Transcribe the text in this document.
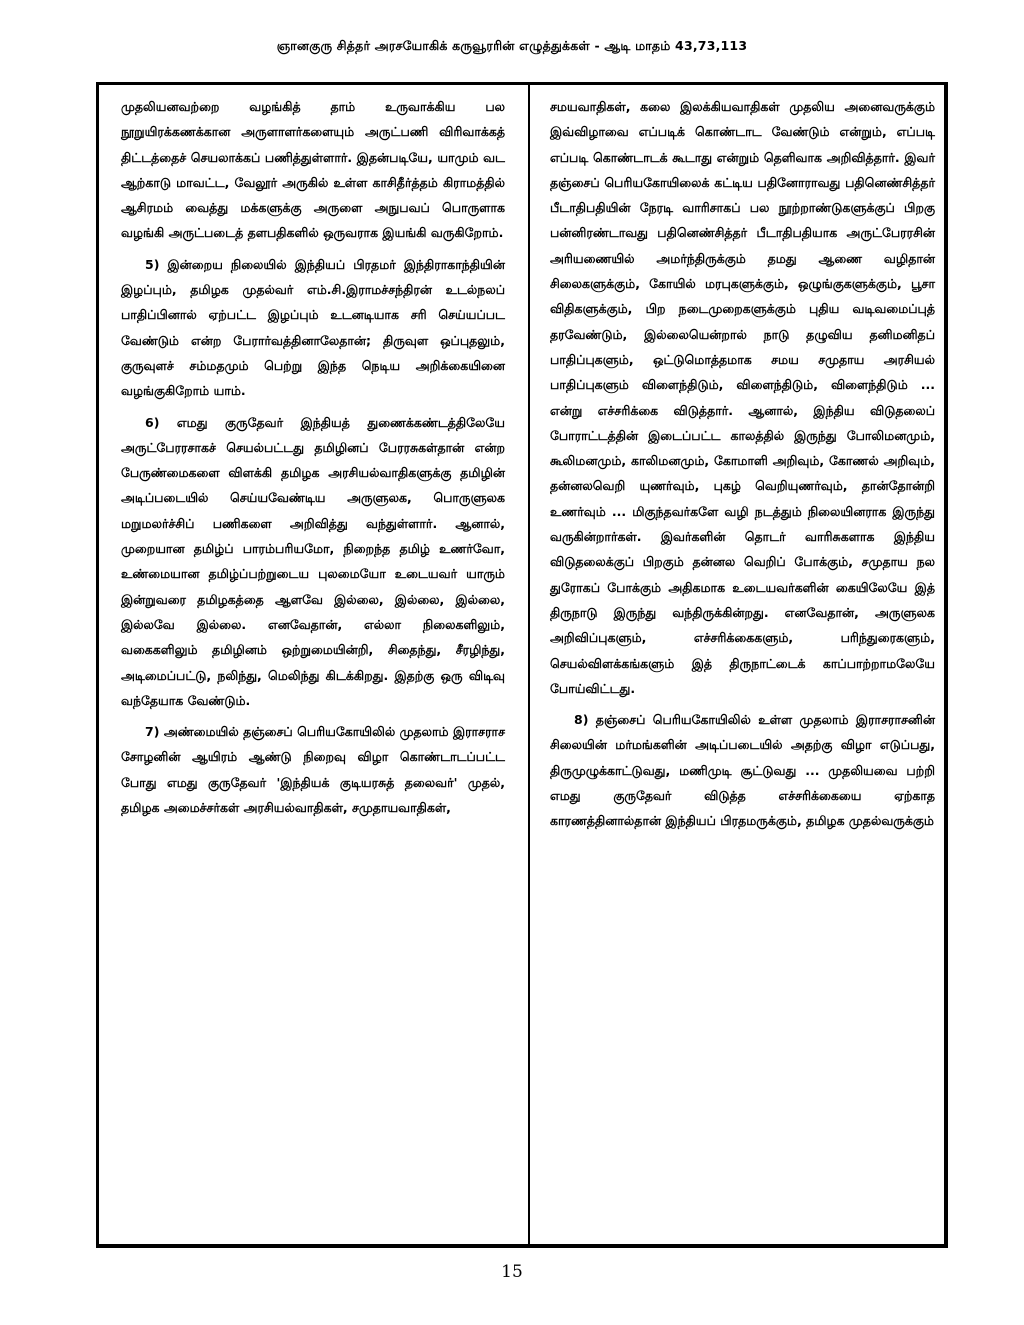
ஞானகுரு சித்தர் அரசயோகிக் கருவூரரின் எழுத்துக்கள் - ஆடி மாதம் 43,73,113

முதலியனவற்றை வழங்கித் தாம் உருவாக்கிய பல நூறுயிரக்கணக்கான அருளாளர்களையும் அருட்பணி விரிவாக்கத் திட்டத்தைச் செயலாக்கப் பணித்துள்ளார். இதன்படியே, யாமும் வட ஆற்காடு மாவட்ட, வேலூர் அருகில் உள்ள காசிதீர்த்தம் கிராமத்தில் ஆசிரமம் வைத்து மக்களுக்கு அருளை அநுபவப் பொருளாக வழங்கி அருட்படைத் தளபதிகளில் ஒருவராக இயங்கி வருகிறோம்.

5) இன்றைய நிலையில் இந்தியப் பிரதமர் இந்திராகாந்தியின் இழப்பும், தமிழக முதல்வர் எம்.சி.இராமச்சந்திரன் உடல்நலப் பாதிப்பினால் ஏற்பட்ட இழப்பும் உடனடியாக சரி செய்யப்பட வேண்டும் என்ற பேரார்வத்தினாலேதான்; திருவுள ஒப்புதலும், குருவுளச் சம்மதமும் பெற்று இந்த நெடிய அறிக்கையினை வழங்குகிறோம் யாம்.

6) எமது குருதேவர் இந்தியத் துணைக்கண்டத்திலேயே அருட்பேரரசாகச் செயல்பட்டது தமிழினப் பேரரசுகள்தான் என்ற பேருண்மைகளை விளக்கி தமிழக அரசியல்வாதிகளுக்கு தமிழின் அடிப்படையில் செய்யவேண்டிய அருளுலக, பொருளுலக மறுமலர்ச்சிப் பணிகளை அறிவித்து வந்துள்ளார். ஆனால், முறையான தமிழ்ப் பாரம்பரியமோ, நிறைந்த தமிழ் உணர்வோ, உண்மையான தமிழ்ப்பற்றுடைய புலமையோ உடையவர் யாரும் இன்றுவரை தமிழகத்தை ஆளவே இல்லை, இல்லை, இல்லை, இல்லவே இல்லை. எனவேதான், எல்லா நிலைகளிலும், வகைகளிலும் தமிழினம் ஒற்றுமையின்றி, சிதைந்து, சீரழிந்து, அடிமைப்பட்டு, நலிந்து, மெலிந்து கிடக்கிறது. இதற்கு ஒரு விடிவு வந்தேயாக வேண்டும்.

7) அண்மையில் தஞ்சைப் பெரியகோயிலில் முதலாம் இராசராச சோழனின் ஆயிரம் ஆண்டு நிறைவு விழா கொண்டாடப்பட்ட போது எமது குருதேவர் 'இந்தியக் குடியரசுத் தலைவர்' முதல், தமிழக அமைச்சர்கள் அரசியல்வாதிகள், சமுதாயவாதிகள்,

சமயவாதிகள், கலை இலக்கியவாதிகள் முதலிய அனைவருக்கும் இவ்விழாவை எப்படிக் கொண்டாட வேண்டும் என்றும், எப்படி எப்படி கொண்டாடக் கூடாது என்றும் தெளிவாக அறிவித்தார். இவர் தஞ்சைப் பெரியகோயிலைக் கட்டிய பதினோராவது பதினெண்சித்தர் பீடாதிபதியின் நேரடி வாரிசாகப் பல நூற்றாண்டுகளுக்குப் பிறகு பன்னிரண்டாவது பதினெண்சித்தர் பீடாதிபதியாக அருட்பேரரசின் அரியணையில் அமர்ந்திருக்கும் தமது ஆணை வழிதான் சிலைகளுக்கும், கோயில் மரபுகளுக்கும், ஒழுங்குகளுக்கும், பூசா விதிகளுக்கும், பிற நடைமுறைகளுக்கும் புதிய வடிவமைப்புத் தரவேண்டும், இல்லையென்றால் நாடு தழுவிய தனிமனிதப் பாதிப்புகளும், ஒட்டுமொத்தமாக சமய சமுதாய அரசியல் பாதிப்புகளும் விளைந்திடும், விளைந்திடும், விளைந்திடும் ... என்று எச்சரிக்கை விடுத்தார். ஆனால், இந்திய விடுதலைப் போராட்டத்தின் இடைப்பட்ட காலத்தில் இருந்து போலிமனமும், கூலிமனமும், காலிமனமும், கோமாளி அறிவும், கோணல் அறிவும், தன்னலவெறி யுணர்வும், புகழ் வெறியுணர்வும், தான்தோன்றி உணர்வும் ... மிகுந்தவர்களே வழி நடத்தும் நிலையினராக இருந்து வருகின்றார்கள். இவர்களின் தொடர் வாரிசுகளாக இந்திய விடுதலைக்குப் பிறகும் தன்னல வெறிப் போக்கும், சமுதாய நல துரோகப் போக்கும் அதிகமாக உடையவர்களின் கையிலேயே இத் திருநாடு இருந்து வந்திருக்கின்றது. எனவேதான், அருளுலக அறிவிப்புகளும், எச்சரிக்கைகளும், பரிந்துரைகளும், செயல்விளக்கங்களும் இத் திருநாட்டைக் காப்பாற்றாமலேயே போய்விட்டது.

8) தஞ்சைப் பெரியகோயிலில் உள்ள முதலாம் இராசராசனின் சிலையின் மர்மங்களின் அடிப்படையில் அதற்கு விழா எடுப்பது, திருமுழுக்காட்டுவது, மணிமுடி சூட்டுவது ... முதலியவை பற்றி எமது குருதேவர் விடுத்த எச்சரிக்கையை ஏற்காத காரணத்தினால்தான் இந்தியப் பிரதமருக்கும், தமிழக முதல்வருக்கும்

15
